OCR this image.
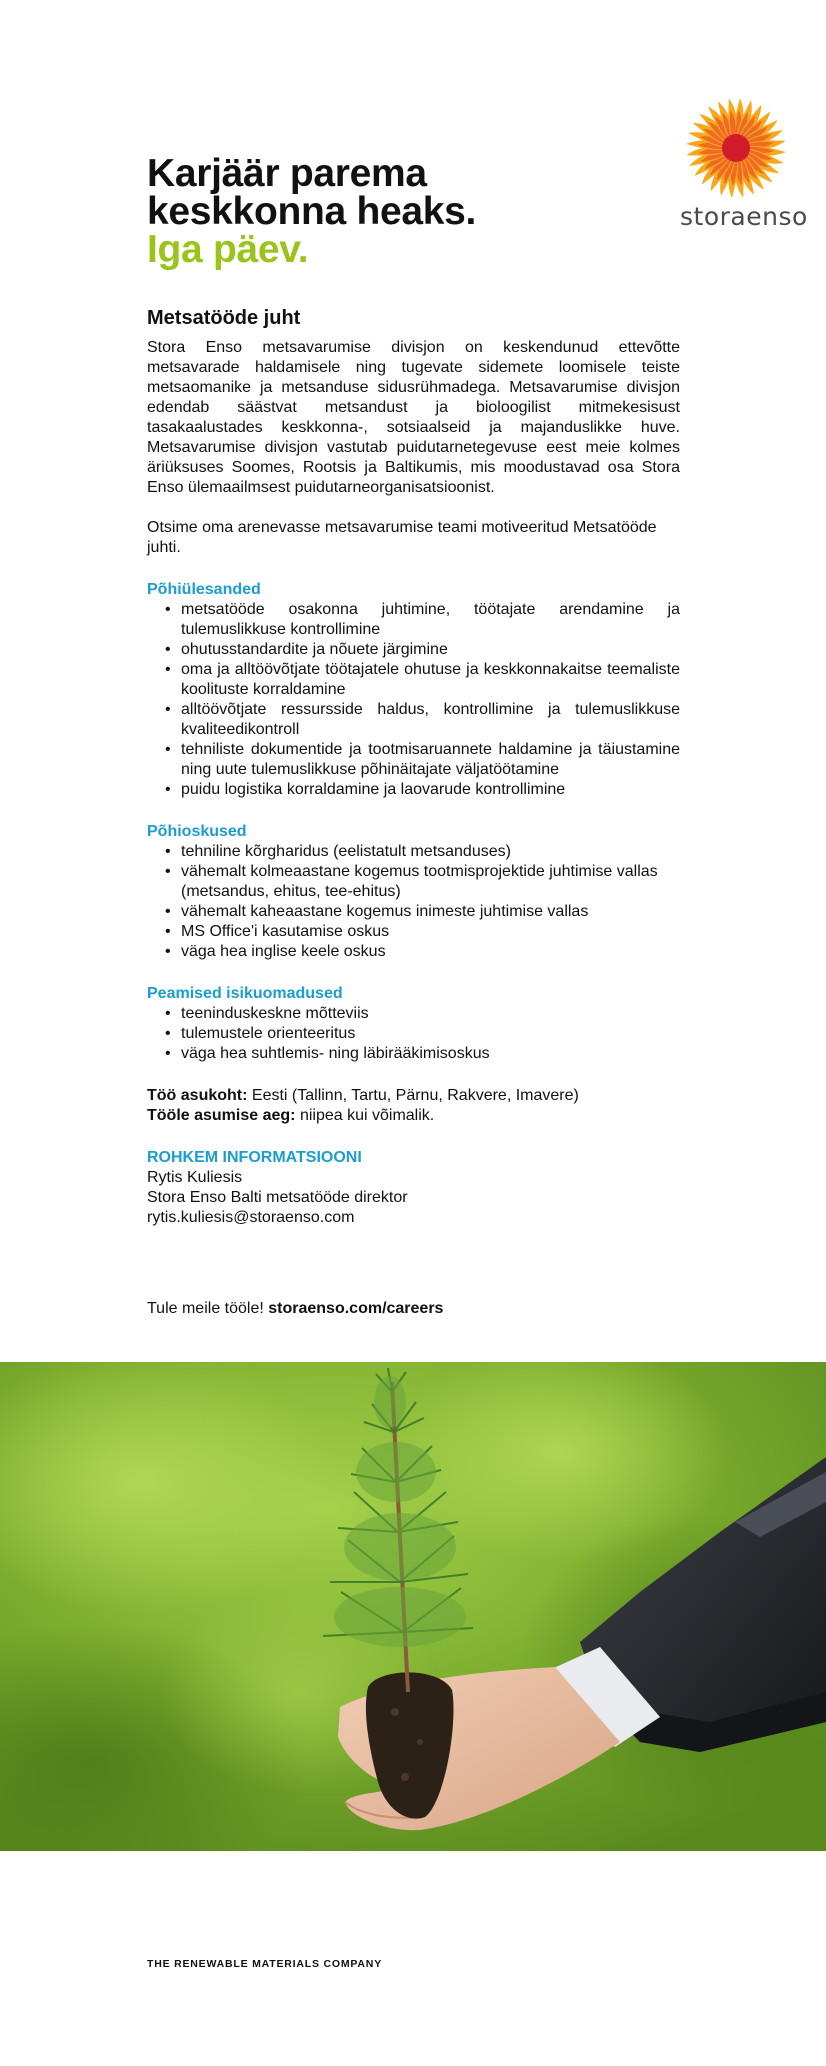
storaenso
Karjäär parema
keskkonna heaks.
Iga päev.
Metsatööde juht

Stora Enso metsavarumise divisjon on keskendunud ettevõtte metsavarade haldamisele ning tugevate sidemete loomisele teiste metsaomanike ja metsanduse sidusrühmadega. Metsavarumise divisjon edendab säästvat metsandust ja bioloogilist mitmekesisust tasakaalustades keskkonna-, sotsiaalseid ja majanduslikke huve. Metsavarumise divisjon vastutab puidutarnetegevuse eest meie kolmes äriüksuses Soomes, Rootsis ja Baltikumis, mis moodustavad osa Stora Enso ülemaailmsest puidutarneorganisatsioonist.

Otsime oma arenevasse metsavarumise teami motiveeritud Metsatööde juhti.

Põhiülesanded
• metsatööde osakonna juhtimine, töötajate arendamine ja tulemuslikkuse kontrollimine
• ohutusstandardite ja nõuete järgimine
• oma ja alltöövõtjate töötajatele ohutuse ja keskkonnakaitse teemaliste koolituste korraldamine
• alltöövõtjate ressursside haldus, kontrollimine ja tulemuslikkuse kvaliteedikontroll
• tehniliste dokumentide ja tootmisaruannete haldamine ja täiustamine ning uute tulemuslikkuse põhinäitajate väljatöötamine
• puidu logistika korraldamine ja laovarude kontrollimine
Põhioskused
• tehniline kõrgharidus (eelistatult metsanduses)
• vähemalt kolmeaastane kogemus tootmisprojektide juhtimise vallas (metsandus, ehitus, tee-ehitus)
• vähemalt kaheaastane kogemus inimeste juhtimise vallas
• MS Office'i kasutamise oskus
• väga hea inglise keele oskus
Peamised isikuomadused
• teeninduskeskne mõtteviis
• tulemustele orienteeritus
• väga hea suhtlemis- ning läbirääkimisoskus

Töö asukoht: Eesti (Tallinn, Tartu, Pärnu, Rakvere, Imavere)

Tööle asumise aeg: niipea kui võimalik.

ROHKEM INFORMATSIOONI

Rytis Kuliesis

Stora Enso Balti metsatööde direktor

rytis.kuliesis@storaenso.com

Tule meile tööle! storaenso.com/careers

THE RENEWABLE MATERIALS COMPANY
